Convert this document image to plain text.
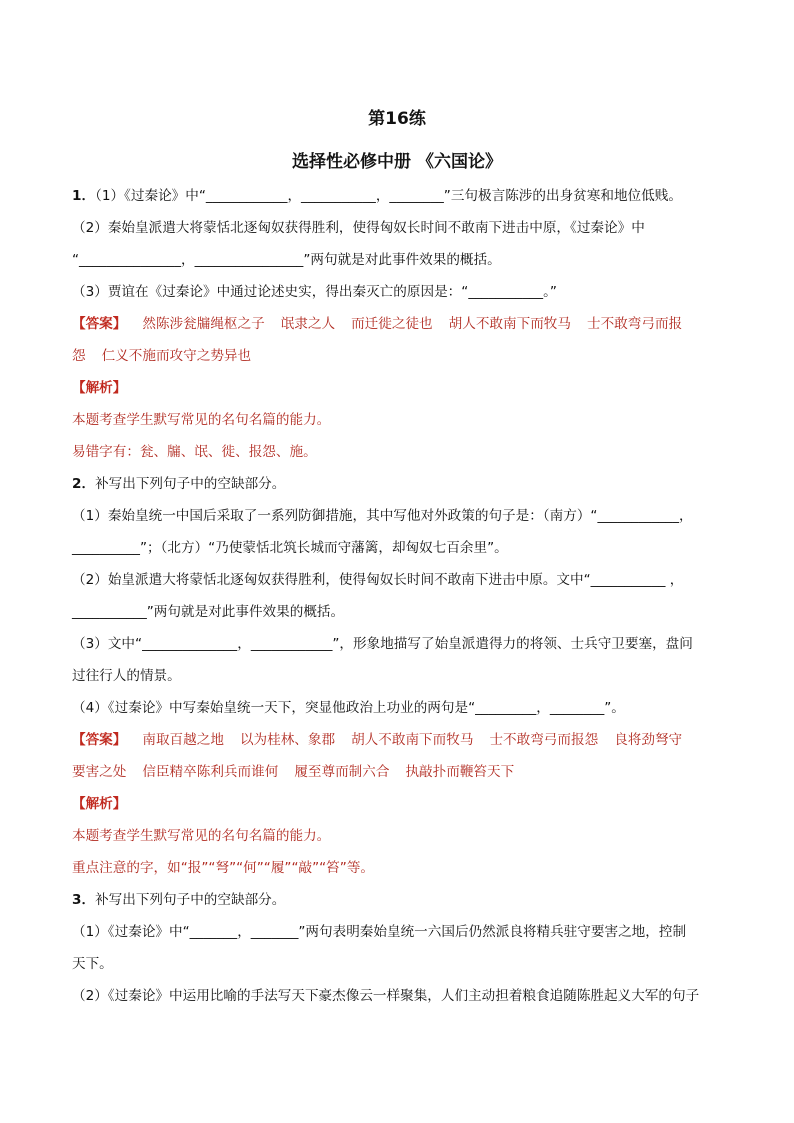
第16练
选择性必修中册 《六国论》
1．（1）《过秦论》中“____________，___________，________”三句极言陈涉的出身贫寒和地位低贱。
（2）秦始皇派遣大将蒙恬北逐匈奴获得胜利，使得匈奴长时间不敢南下进击中原，《过秦论》中
“_______________，________________”两句就是对此事件效果的概括。
（3）贾谊在《过秦论》中通过论述史实，得出秦灭亡的原因是：“___________。”
【答案】 然陈涉瓮牖绳枢之子 氓隶之人 而迁徙之徒也 胡人不敢南下而牧马 士不敢弯弓而报
怨 仁义不施而攻守之势异也
【解析】
本题考查学生默写常见的名句名篇的能力。
易错字有：瓮、牖、氓、徙、报怨、施。
2．补写出下列句子中的空缺部分。
（1）秦始皇统一中国后采取了一系列防御措施，其中写他对外政策的句子是：（南方）“____________，
__________”；（北方）“乃使蒙恬北筑长城而守藩篱，却匈奴七百余里”。
（2）始皇派遣大将蒙恬北逐匈奴获得胜利，使得匈奴长时间不敢南下进击中原。文中“___________ ，
___________”两句就是对此事件效果的概括。
（3）文中“______________，____________”，形象地描写了始皇派遣得力的将领、士兵守卫要塞，盘问
过往行人的情景。
（4）《过秦论》中写秦始皇统一天下，突显他政治上功业的两句是“_________，________”。
【答案】 南取百越之地 以为桂林、象郡 胡人不敢南下而牧马 士不敢弯弓而报怨 良将劲弩守
要害之处 信臣精卒陈利兵而谁何 履至尊而制六合 执敲扑而鞭笞天下
【解析】
本题考查学生默写常见的名句名篇的能力。
重点注意的字，如“报”“弩”“何”“履”“敲”“笞”等。
3．补写出下列句子中的空缺部分。
（1）《过秦论》中“_______，_______”两句表明秦始皇统一六国后仍然派良将精兵驻守要害之地，控制
天下。
（2）《过秦论》中运用比喻的手法写天下豪杰像云一样聚集，人们主动担着粮食追随陈胜起义大军的句子
